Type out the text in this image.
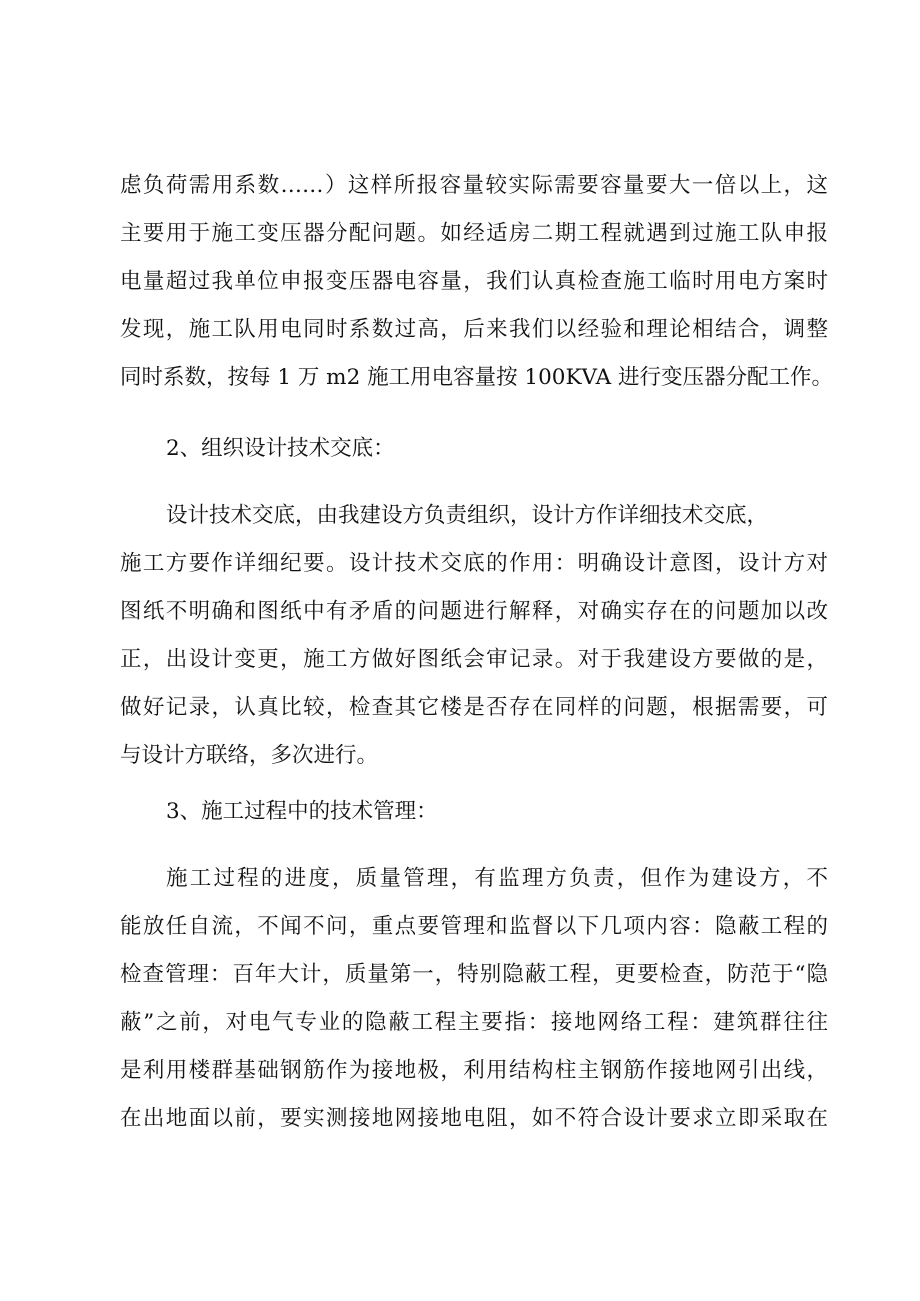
虑负荷需用系数……）这样所报容量较实际需要容量要大一倍以上，这
主要用于施工变压器分配问题。如经适房二期工程就遇到过施工队申报
电量超过我单位申报变压器电容量，我们认真检查施工临时用电方案时
发现，施工队用电同时系数过高，后来我们以经验和理论相结合，调整
同时系数，按每 1 万 m2 施工用电容量按 100KVA 进行变压器分配工作。

2、组织设计技术交底：

设计技术交底，由我建设方负责组织，设计方作详细技术交底，
施工方要作详细纪要。设计技术交底的作用：明确设计意图，设计方对
图纸不明确和图纸中有矛盾的问题进行解释，对确实存在的问题加以改
正，出设计变更，施工方做好图纸会审记录。对于我建设方要做的是，
做好记录，认真比较，检查其它楼是否存在同样的问题，根据需要，可
与设计方联络，多次进行。

3、施工过程中的技术管理：

施工过程的进度，质量管理，有监理方负责，但作为建设方，不
能放任自流，不闻不问，重点要管理和监督以下几项内容：隐蔽工程的
检查管理：百年大计，质量第一，特别隐蔽工程，更要检查，防范于“隐
蔽”之前，对电气专业的隐蔽工程主要指：接地网络工程：建筑群往往
是利用楼群基础钢筋作为接地极，利用结构柱主钢筋作接地网引出线，
在出地面以前，要实测接地网接地电阻，如不符合设计要求立即采取在
